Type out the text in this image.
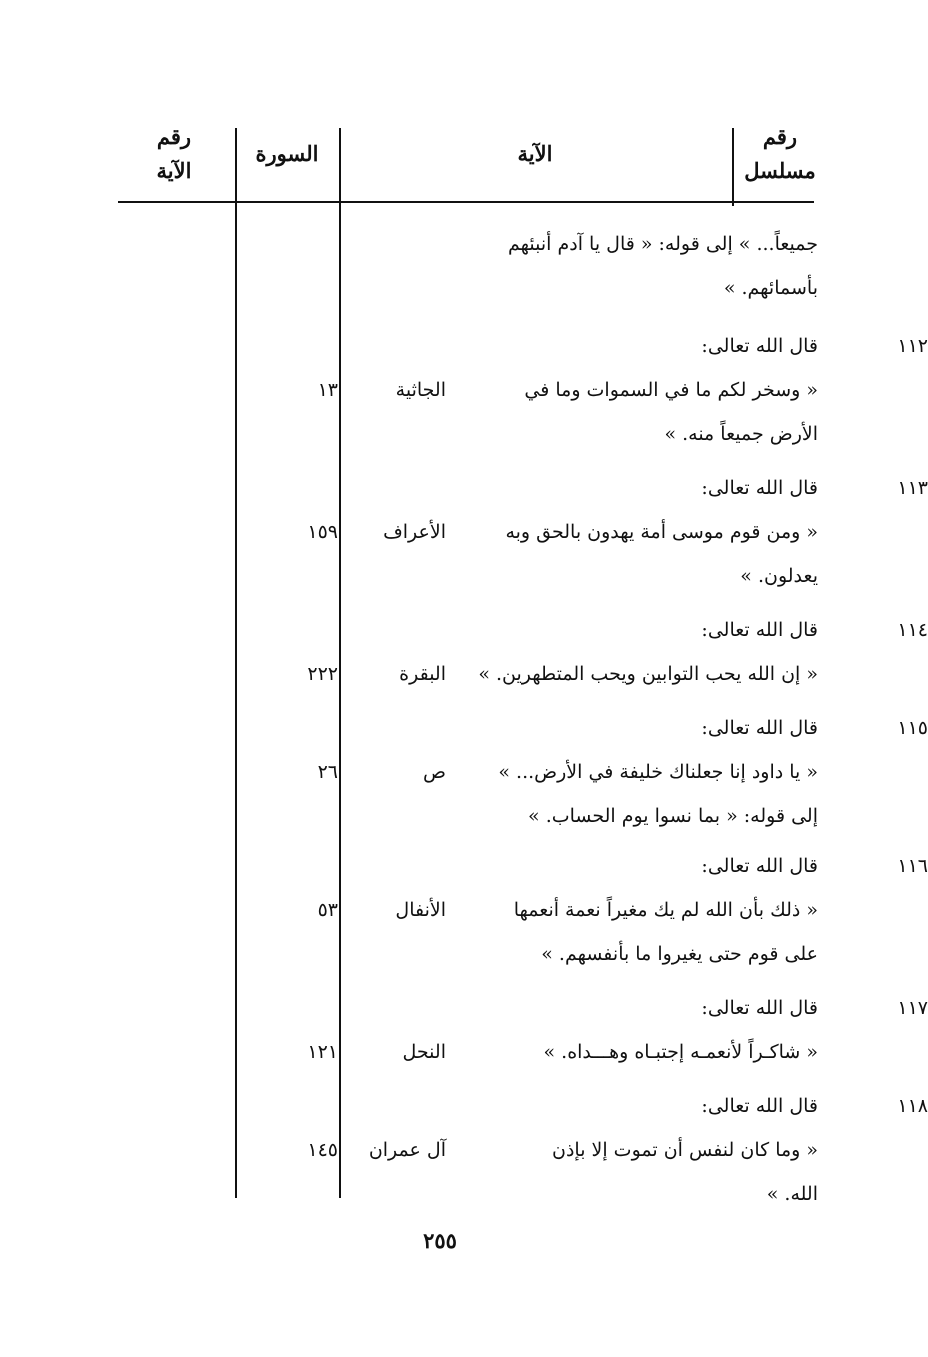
رقم
مسلسل
الآية
السورة
رقم
الآية
جميعاً... » إلى قوله: « قال يا آدم أنبئهم
بأسمائهم. »
١١٢
قال الله تعالى:
« وسخر لكم ما في السموات وما في
الأرض جميعاً منه. »
الجاثية
١٣
١١٣
قال الله تعالى:
« ومن قوم موسى أمة يهدون بالحق وبه
يعدلون. »
الأعراف
١٥٩
١١٤
قال الله تعالى:
« إن الله يحب التوابين ويحب المتطهرين. »
البقرة
٢٢٢
١١٥
قال الله تعالى:
« يا داود إنا جعلناك خليفة في الأرض... »
إلى قوله: « بما نسوا يوم الحساب. »
ص
٢٦
١١٦
قال الله تعالى:
« ذلك بأن الله لم يك مغيراً نعمة أنعمها
على قوم حتى يغيروا ما بأنفسهم. »
الأنفال
٥٣
١١٧
قال الله تعالى:
« شاكـراً لأنعمـه إجتبـاه وهـــداه. »
النحل
١٢١
١١٨
قال الله تعالى:
« وما كان لنفس أن تموت إلا بإذن
الله. »
آل عمران
١٤٥
٢٥٥
